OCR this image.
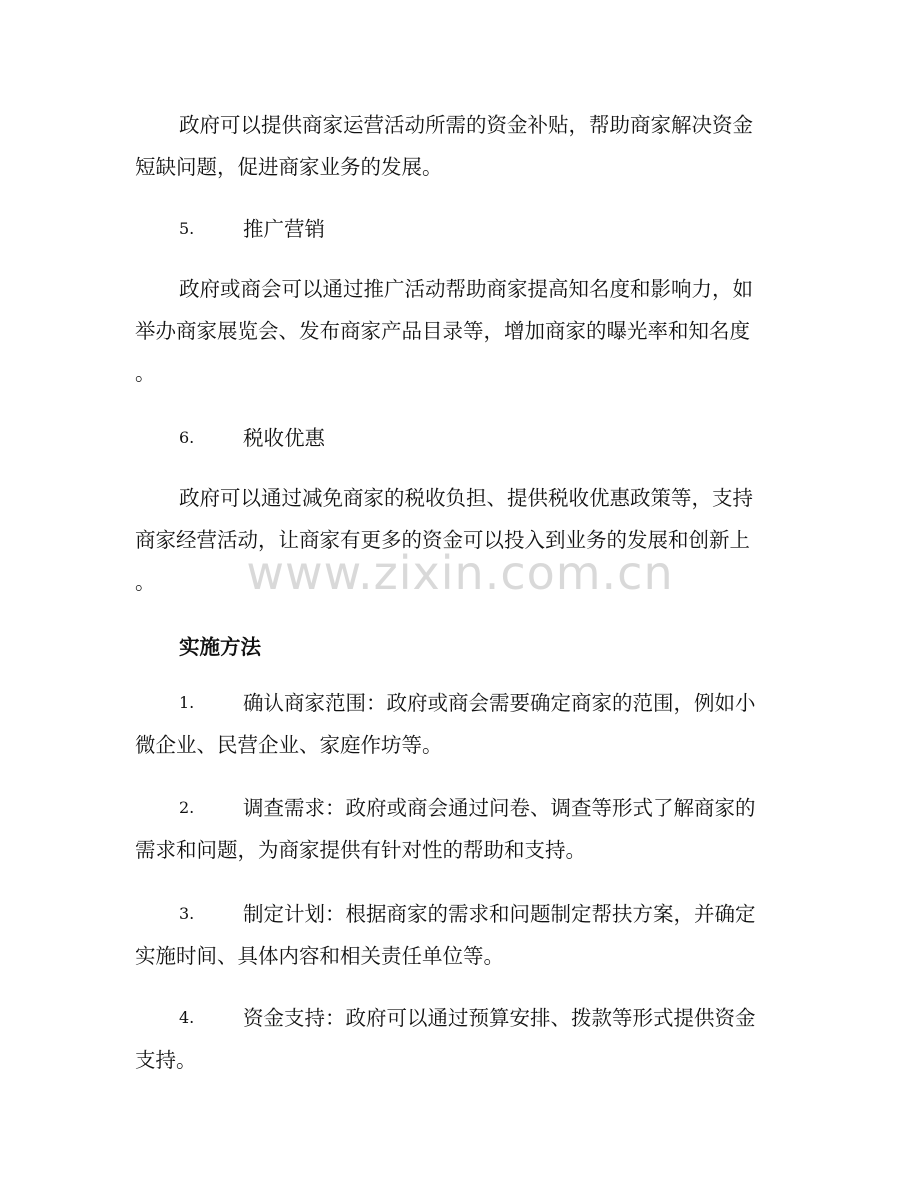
政府可以提供商家运营活动所需的资金补贴，帮助商家解决资金
短缺问题，促进商家业务的发展。
5.	推广营销
政府或商会可以通过推广活动帮助商家提高知名度和影响力，如
举办商家展览会、发布商家产品目录等，增加商家的曝光率和知名度
。
6.	税收优惠
政府可以通过减免商家的税收负担、提供税收优惠政策等，支持
商家经营活动，让商家有更多的资金可以投入到业务的发展和创新上
。
实施方法
1.	确认商家范围：政府或商会需要确定商家的范围，例如小
微企业、民营企业、家庭作坊等。
2.	调查需求：政府或商会通过问卷、调查等形式了解商家的
需求和问题，为商家提供有针对性的帮助和支持。
3.	制定计划：根据商家的需求和问题制定帮扶方案，并确定
实施时间、具体内容和相关责任单位等。
4.	资金支持：政府可以通过预算安排、拨款等形式提供资金
支持。
www.zixin.com.cn
